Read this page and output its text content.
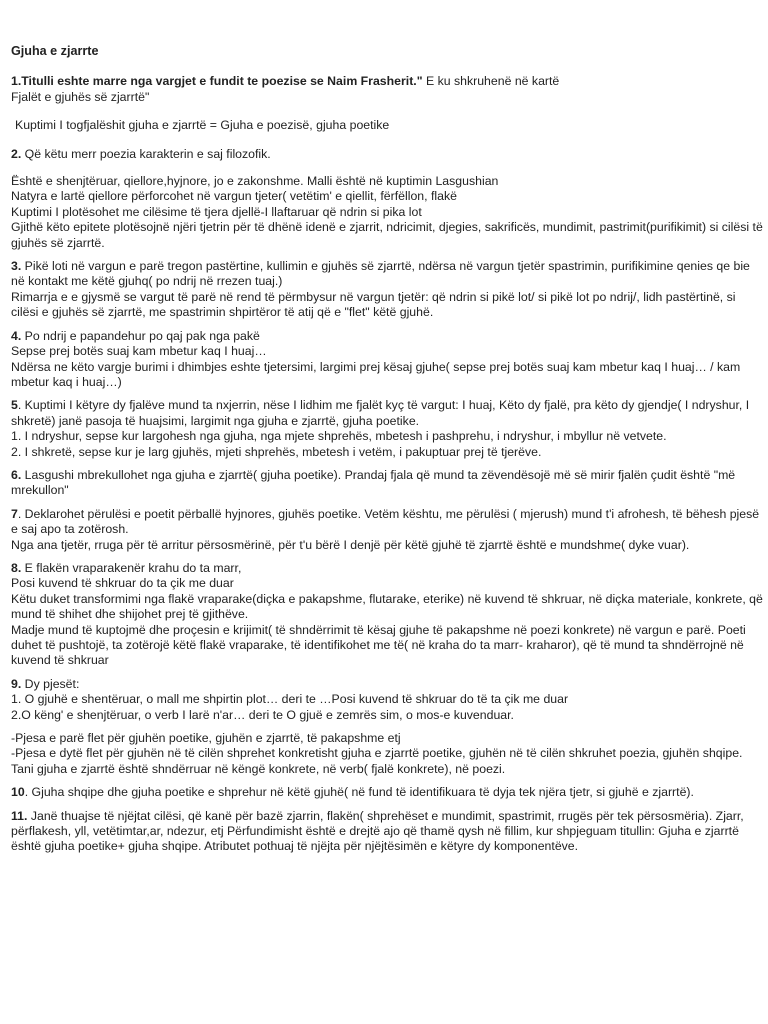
Gjuha e zjarrte
1.Titulli eshte marre nga vargjet e fundit te poezise se Naim Frasherit." E ku shkruhenë në kartë
Fjalët e gjuhës së zjarrtë"
Kuptimi I togfjalëshit gjuha e zjarrtë = Gjuha e poezisë, gjuha poetike
2. Që këtu merr poezia karakterin e saj filozofik.
Është e shenjtëruar, qiellore,hyjnore, jo e zakonshme. Malli është në kuptimin Lasgushian
Natyra e lartë qiellore përforcohet në vargun tjeter( vetëtim' e qiellit, fërfëllon, flakë
Kuptimi I plotësohet me cilësime të tjera djellë-I llaftaruar që ndrin si pika lot
Gjithë këto epitete plotësojnë njëri tjetrin për të dhënë idenë e zjarrit, ndricimit, djegies, sakrificës, mundimit, pastrimit(purifikimit) si cilësi të gjuhës së zjarrtë.
3. Pikë loti në vargun e parë tregon pastërtine, kullimin e gjuhës së zjarrtë, ndërsa në vargun tjetër spastrimin, purifikimine qenies qe bie në kontakt me këtë gjuhq( po ndrij në rrezen tuaj.)
Rimarrja e e gjysmë se vargut të parë në rend të përmbysur në vargun tjetër: që ndrin si pikë lot/ si pikë lot po ndrij/, lidh pastërtinë, si cilësi e gjuhës së zjarrtë, me spastrimin shpirtëror të atij që e "flet" këtë gjuhë.
4. Po ndrij e papandehur po qaj pak nga pakë
Sepse prej botës suaj kam mbetur kaq I huaj…
Ndërsa ne këto vargje burimi i dhimbjes eshte tjetersimi, largimi prej kësaj gjuhe( sepse prej botës suaj kam mbetur kaq I huaj… / kam mbetur kaq i huaj…)
5. Kuptimi I këtyre dy fjalëve mund ta nxjerrin, nëse I lidhim me fjalët kyç të vargut: I huaj, Këto dy fjalë, pra këto dy gjendje( I ndryshur, I shkretë) janë pasoja të huajsimi, largimit nga gjuha e zjarrtë, gjuha poetike.
1. I ndryshur, sepse kur largohesh nga gjuha, nga mjete shprehës, mbetesh i pashprehu, i ndryshur, i mbyllur në vetvete.
2. I shkretë, sepse kur je larg gjuhës, mjeti shprehës, mbetesh i vetëm, i pakuptuar prej të tjerëve.
6. Lasgushi mbrekullohet nga gjuha e zjarrtë( gjuha poetike). Prandaj fjala që mund ta zëvendësojë më së mirir fjalën çudit është "më mrekullon"
7. Deklarohet përulësi e poetit përballë hyjnores, gjuhës poetike. Vetëm kështu, me përulësi ( mjerush) mund t'i afrohesh, të bëhesh pjesë e saj apo ta zotërosh.
Nga ana tjetër, rruga për të arritur përsosmërinë, për t'u bërë I denjë për këtë gjuhë të zjarrtë është e mundshme( dyke vuar).
8. E flakën vraparakenër krahu do ta marr,
Posi kuvend të shkruar do ta çik me duar
Këtu duket transformimi nga flakë vraparake(diçka e pakapshme, flutarake, eterike) në kuvend të shkruar, në diçka materiale, konkrete, që mund të shihet dhe shijohet prej të gjithëve.
Madje mund të kuptojmë dhe proçesin e krijimit( të shndërrimit të kësaj gjuhe të pakapshme në poezi konkrete) në vargun e parë. Poeti duhet të pushtojë, ta zotërojë këtë flakë vraparake, të identifikohet me të( në kraha do ta marr- kraharor), që të mund ta shndërrojnë në kuvend të shkruar
9. Dy pjesët:
1. O gjuhë e shentëruar, o mall me shpirtin plot… deri te …Posi kuvend të shkruar do të ta çik me duar
2.O këng' e shenjtëruar, o verb I larë n'ar… deri te O gjuë e zemrës sim, o mos-e kuvenduar.
-Pjesa e parë flet për gjuhën poetike, gjuhën e zjarrtë, të pakapshme etj
-Pjesa e dytë flet për gjuhën në të cilën shprehet konkretisht gjuha e zjarrtë poetike, gjuhën në të cilën shkruhet poezia, gjuhën shqipe.
Tani gjuha e zjarrtë është shndërruar në këngë konkrete, në verb( fjalë konkrete), në poezi.
10. Gjuha shqipe dhe gjuha poetike e shprehur në këtë gjuhë( në fund të identifikuara të dyja tek njëra tjetr, si gjuhë e zjarrtë).
11. Janë thuajse të njëjtat cilësi, që kanë për bazë zjarrin, flakën( shprehëset e mundimit, spastrimit, rrugës për tek përsosmëria). Zjarr, përflakesh, yll, vetëtimtar,ar, ndezur, etj Përfundimisht është e drejtë ajo që thamë qysh në fillim, kur shpjeguam titullin: Gjuha e zjarrtë është gjuha poetike+ gjuha shqipe. Atributet pothuaj të njëjta për njëjtësimën e këtyre dy komponentëve.
